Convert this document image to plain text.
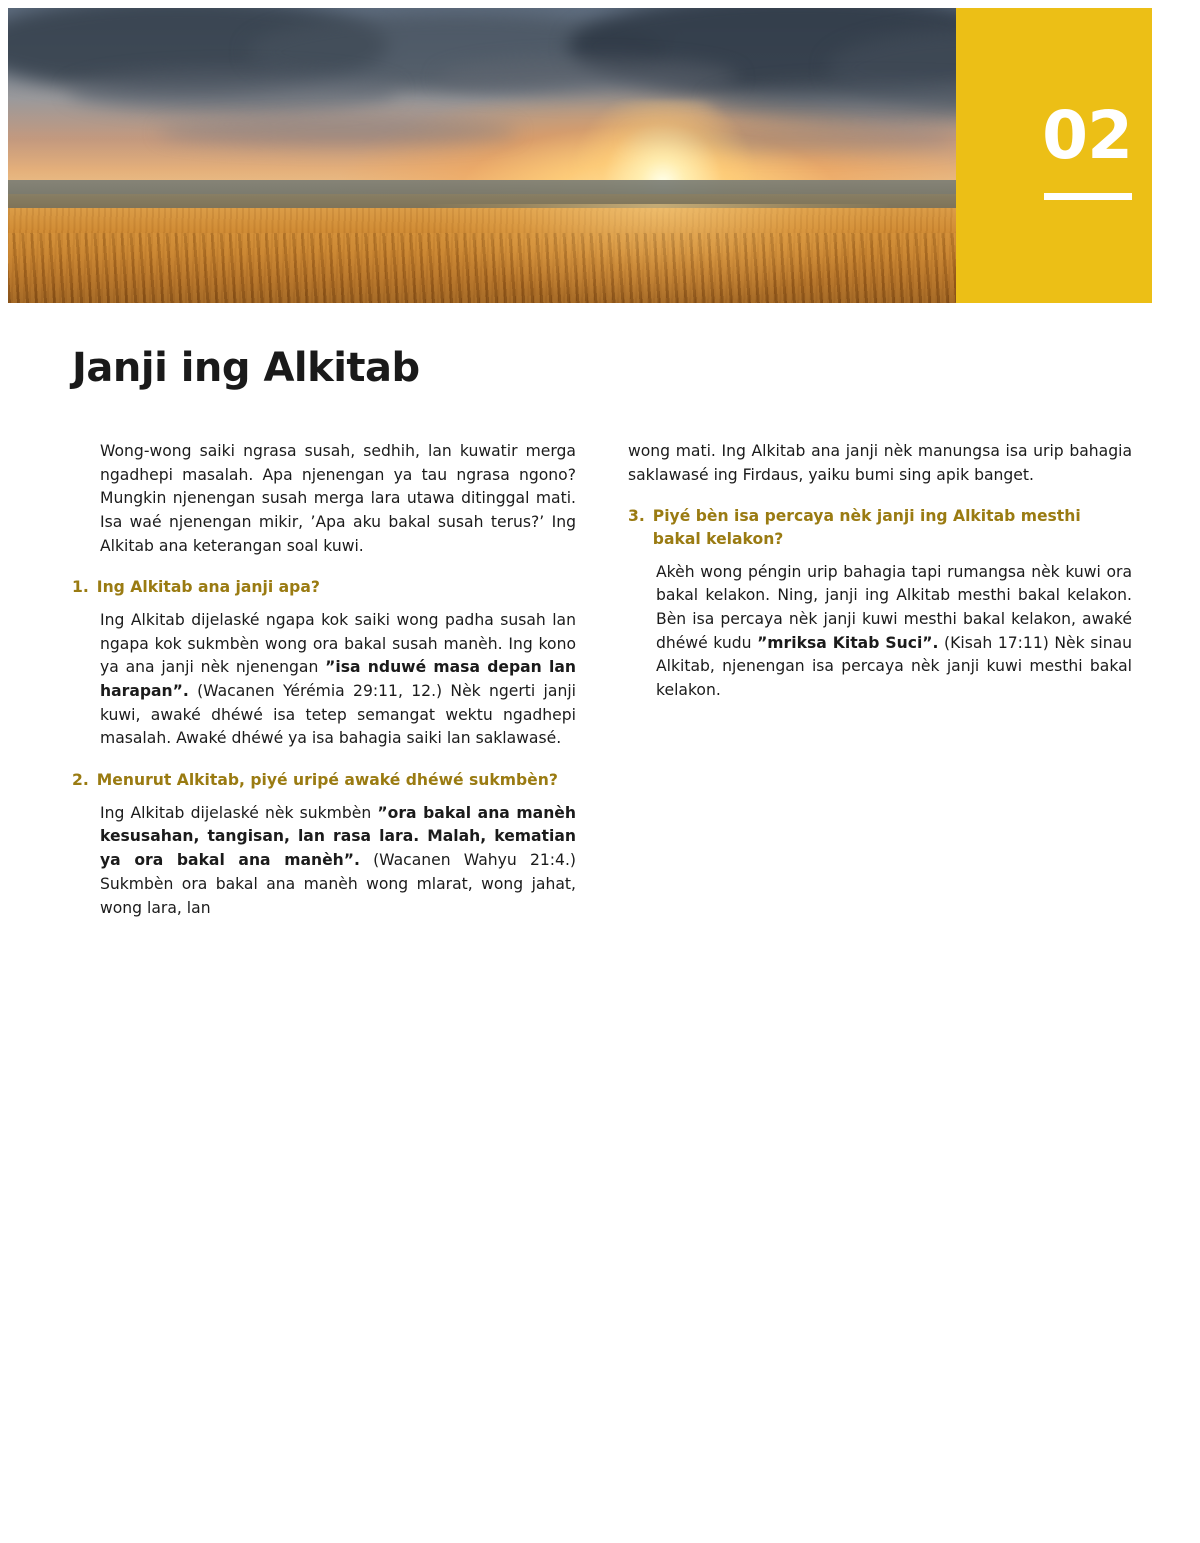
02
Janji ing Alkitab

Wong-wong saiki ngrasa susah, sedhih, lan kuwatir merga ngadhepi masalah. Apa njenengan ya tau ngrasa ngono? Mungkin njenengan susah merga lara utawa ditinggal mati. Isa waé njenengan mikir, ’Apa aku bakal susah terus?’ Ing Alkitab ana keterangan soal kuwi.

1. Ing Alkitab ana janji apa?

Ing Alkitab dijelaské ngapa kok saiki wong padha susah lan ngapa kok sukmbèn wong ora bakal susah manèh. Ing kono ya ana janji nèk njenengan ”isa nduwé masa depan lan harapan”. (Wacanen Yérémia 29:11, 12.) Nèk ngerti janji kuwi, awaké dhéwé isa tetep semangat wektu ngadhepi masalah. Awaké dhéwé ya isa bahagia saiki lan saklawasé.

2. Menurut Alkitab, piyé uripé awaké dhéwé sukmbèn?

Ing Alkitab dijelaské nèk sukmbèn ”ora bakal ana manèh kesusahan, tangisan, lan rasa lara. Malah, kematian ya ora bakal ana manèh”. (Wacanen Wahyu 21:4.) Sukmbèn ora bakal ana manèh wong mlarat, wong jahat, wong lara, lan

wong mati. Ing Alkitab ana janji nèk manungsa isa urip bahagia saklawasé ing Firdaus, yaiku bumi sing apik banget.

3. Piyé bèn isa percaya nèk janji ing Alkitab mesthi bakal kelakon?

Akèh wong péngin urip bahagia tapi rumangsa nèk kuwi ora bakal kelakon. Ning, janji ing Alkitab mesthi bakal kelakon. Bèn isa percaya nèk janji kuwi mesthi bakal kelakon, awaké dhéwé kudu ”mriksa Kitab Suci”. (Kisah 17:11) Nèk sinau Alkitab, njenengan isa percaya nèk janji kuwi mesthi bakal kelakon.
